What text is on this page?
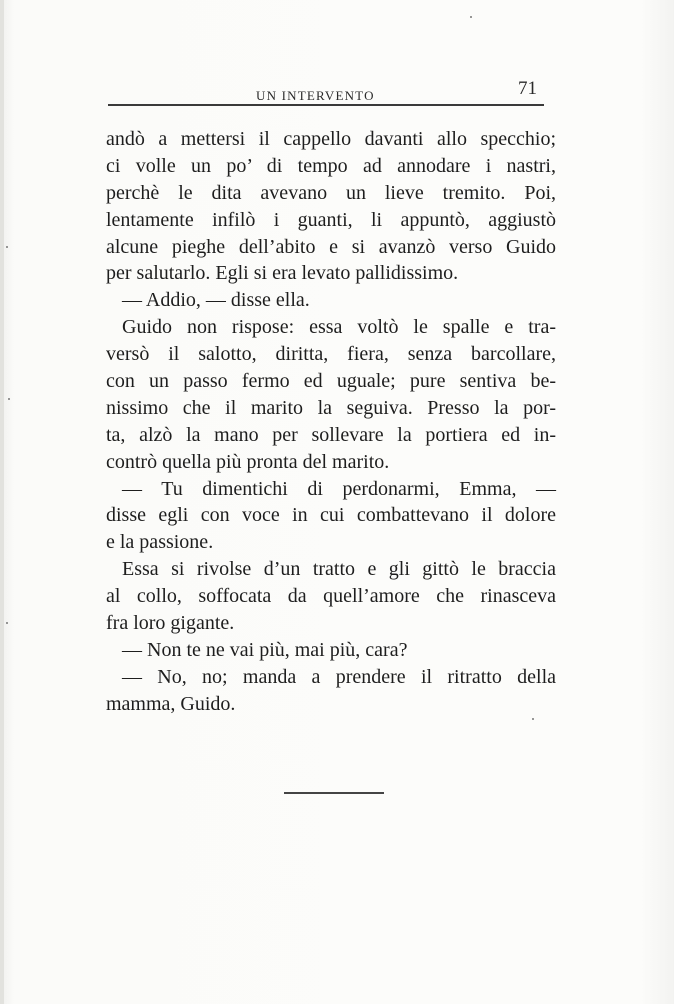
UN INTERVENTO	71
andò a mettersi il cappello davanti allo specchio;
ci volle un po’ di tempo ad annodare i nastri,
perchè le dita avevano un lieve tremito. Poi,
lentamente infilò i guanti, li appuntò, aggiustò
alcune pieghe dell’abito e si avanzò verso Guido
per salutarlo. Egli si era levato pallidissimo.
— Addio, — disse ella.
Guido non rispose: essa voltò le spalle e tra-
versò il salotto, diritta, fiera, senza barcollare,
con un passo fermo ed uguale; pure sentiva be-
nissimo che il marito la seguiva. Presso la por-
ta, alzò la mano per sollevare la portiera ed in-
contrò quella più pronta del marito.
— Tu dimentichi di perdonarmi, Emma, —
disse egli con voce in cui combattevano il dolore
e la passione.
Essa si rivolse d’un tratto e gli gittò le braccia
al collo, soffocata da quell’amore che rinasceva
fra loro gigante.
— Non te ne vai più, mai più, cara?
— No, no; manda a prendere il ritratto della
mamma, Guido.
